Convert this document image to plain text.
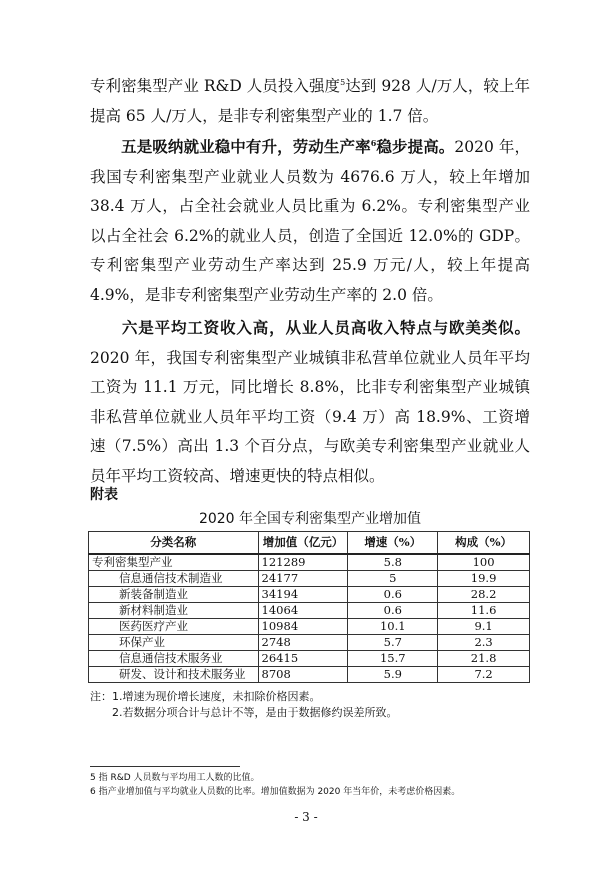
专利密集型产业 R&D 人员投入强度$^5$达到 928 人/万人，较上年提高 65 人/万人，是非专利密集型产业的 1.7 倍。

五是吸纳就业稳中有升，劳动生产率$^6$稳步提高。2020 年，我国专利密集型产业就业人员数为 4676.6 万人，较上年增加 38.4 万人，占全社会就业人员比重为 6.2%。专利密集型产业以占全社会 6.2%的就业人员，创造了全国近 12.0%的 GDP。专利密集型产业劳动生产率达到 25.9 万元/人，较上年提高 4.9%，是非专利密集型产业劳动生产率的 2.0 倍。

六是平均工资收入高，从业人员高收入特点与欧美类似。2020 年，我国专利密集型产业城镇非私营单位就业人员年平均工资为 11.1 万元，同比增长 8.8%，比非专利密集型产业城镇非私营单位就业人员年平均工资（9.4 万）高 18.9%、工资增速（7.5%）高出 1.3 个百分点，与欧美专利密集型产业就业人员年平均工资较高、增速更快的特点相似。

附表
2020 年全国专利密集型产业增加值
分类名称	增加值（亿元）	增速（%）	构成（%）
专利密集型产业	121289	5.8	100
信息通信技术制造业	24177	5	19.9
新装备制造业	34194	0.6	28.2
新材料制造业	14064	0.6	11.6
医药医疗产业	10984	10.1	9.1
环保产业	2748	5.7	2.3
信息通信技术服务业	26415	15.7	21.8
研发、设计和技术服务业	8708	5.9	7.2
注：1.增速为现价增长速度，未扣除价格因素。
2.若数据分项合计与总计不等，是由于数据修约误差所致。
5 指 R&D 人员数与平均用工人数的比值。
6 指产业增加值与平均就业人员数的比率。增加值数据为 2020 年当年价，未考虑价格因素。
- 3 -
